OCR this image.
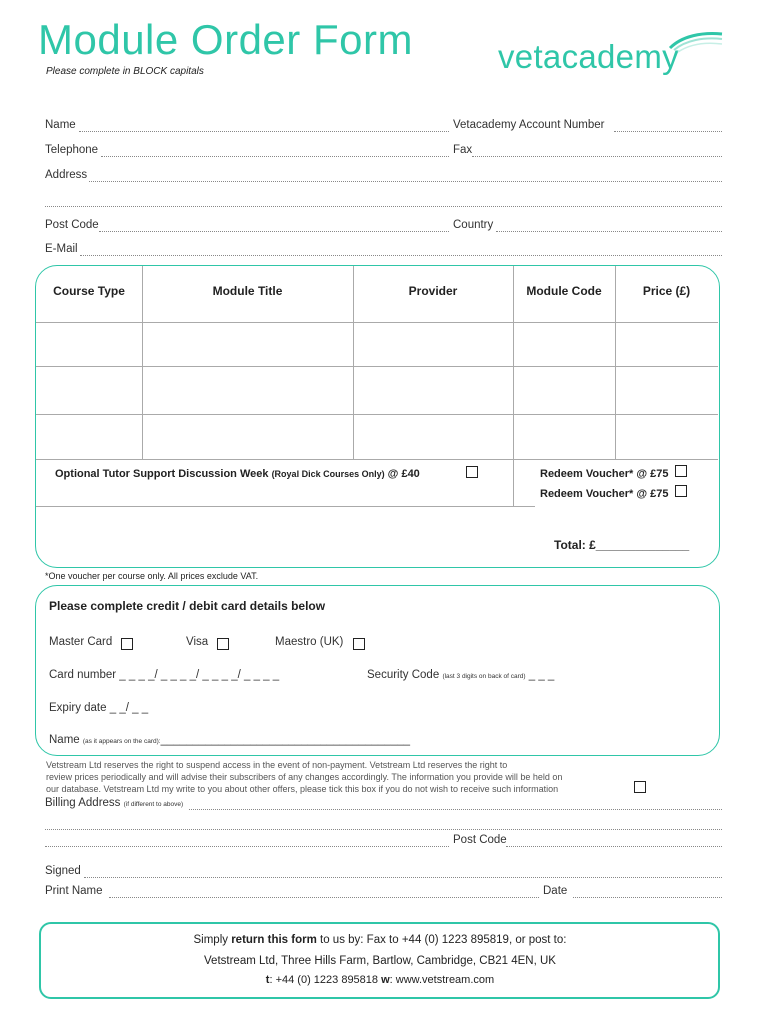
Module Order Form
Please complete in BLOCK capitals	vetacademy
Name	Vetacademy Account Number
Telephone	Fax
Address
Post Code	Country
E-Mail
Course Type	Module Title	Provider	Module Code	Price (£)
Optional Tutor Support Discussion Week (Royal Dick Courses Only) @ £40	Redeem Voucher* @ £75
Redeem Voucher* @ £75
Total: £______________
*One voucher per course only. All prices exclude VAT.
Please complete credit / debit card details below
Master Card	Visa	Maestro (UK)
Card number _ _ _ _/ _ _ _ _/ _ _ _ _/ _ _ _ _	Security Code (last 3 digits on back of card) _ _ _
Expiry date _ _/ _ _
Name (as it appears on the card):_______________________________________
Vetstream Ltd reserves the right to suspend access in the event of non-payment. Vetstream Ltd reserves the right to
review prices periodically and will advise their subscribers of any changes accordingly. The information you provide will be held on
our database. Vetstream Ltd my write to you about other offers, please tick this box if you do not wish to receive such information
Billing Address (if different to above)
Post Code
Signed
Print Name	Date
Simply return this form to us by: Fax to +44 (0) 1223 895819, or post to:
Vetstream Ltd, Three Hills Farm, Bartlow, Cambridge, CB21 4EN, UK
t: +44 (0) 1223 895818 w: www.vetstream.com
